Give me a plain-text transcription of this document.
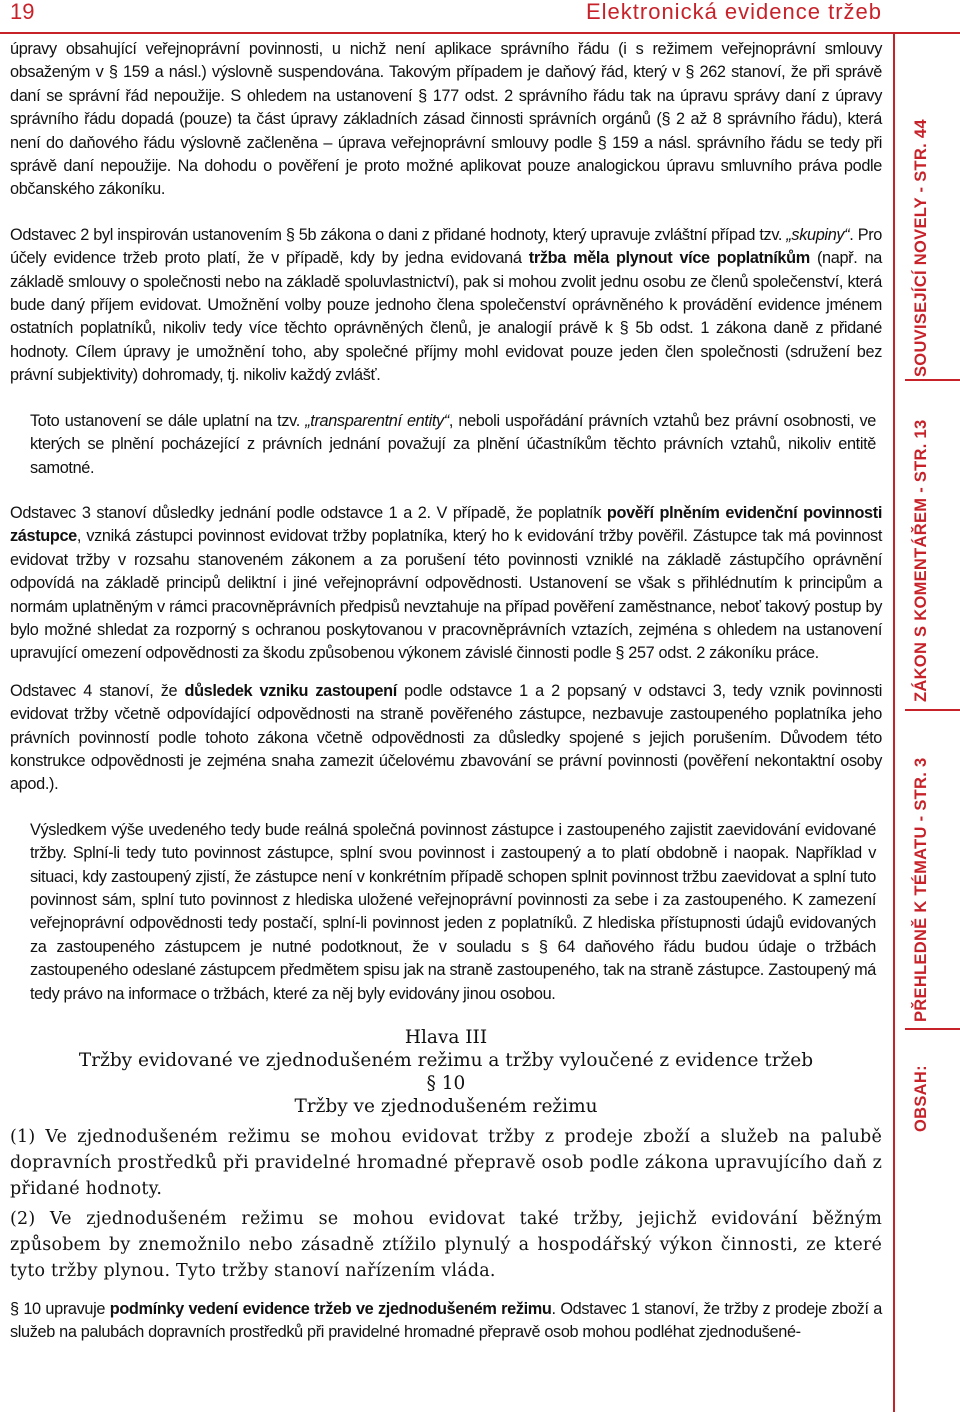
19	Elektronická evidence tržeb
SOUVISEJÍCÍ NOVELY - STR. 44
ZÁKON S KOMENTÁŘEM - STR. 13
PŘEHLEDNĚ K TÉMATU - STR. 3
OBSAH:

úpravy obsahující veřejnoprávní povinnosti, u nichž není aplikace správního řádu (i s režimem veřejnoprávní smlouvy obsaženým v § 159 a násl.) výslovně suspendována. Takovým případem je daňový řád, který v § 262 stanoví, že při správě daní se správní řád nepoužije. S ohledem na ustanovení § 177 odst. 2 správního řádu tak na úpravu správy daní z úpravy správního řádu dopadá (pouze) ta část úpravy základních zásad činnosti správních orgánů (§ 2 až 8 správního řádu), která není do daňového řádu výslovně začleněna – úprava veřejnoprávní smlouvy podle § 159 a násl. správního řádu se tedy při správě daní nepoužije. Na dohodu o pověření je proto možné aplikovat pouze analogickou úpravu smluvního práva podle občanského zákoníku.

Odstavec 2 byl inspirován ustanovením § 5b zákona o dani z přidané hodnoty, který upravuje zvláštní případ tzv. „skupiny“. Pro účely evidence tržeb proto platí, že v případě, kdy by jedna evidovaná tržba měla plynout více poplatníkům (např. na základě smlouvy o společnosti nebo na základě spoluvlastnictví), pak si mohou zvolit jednu osobu ze členů společenství, která bude daný příjem evidovat. Umožnění volby pouze jednoho člena společenství oprávněného k provádění evidence jménem ostatních poplatníků, nikoliv tedy více těchto oprávněných členů, je analogií právě k § 5b odst. 1 zákona daně z přidané hodnoty. Cílem úpravy je umožnění toho, aby společné příjmy mohl evidovat pouze jeden člen společnosti (sdružení bez právní subjektivity) dohromady, tj. nikoliv každý zvlášť.

Toto ustanovení se dále uplatní na tzv. „transparentní entity“, neboli uspořádání právních vztahů bez právní osobnosti, ve kterých se plnění pocházející z právních jednání považují za plnění účastníkům těchto právních vztahů, nikoliv entitě samotné.

Odstavec 3 stanoví důsledky jednání podle odstavce 1 a 2. V případě, že poplatník pověří plněním evidenční povinnosti zástupce, vzniká zástupci povinnost evidovat tržby poplatníka, který ho k evidování tržby pověřil. Zástupce tak má povinnost evidovat tržby v rozsahu stanoveném zákonem a za porušení této povinnosti vzniklé na základě zástupčího oprávnění odpovídá na základě principů deliktní i jiné veřejnoprávní odpovědnosti. Ustanovení se však s přihlédnutím k principům a normám uplatněným v rámci pracovněprávních předpisů nevztahuje na případ pověření zaměstnance, neboť takový postup by bylo možné shledat za rozporný s ochranou poskytovanou v pracovněprávních vztazích, zejména s ohledem na ustanovení upravující omezení odpovědnosti za škodu způsobenou výkonem závislé činnosti podle § 257 odst. 2 zákoníku práce.

Odstavec 4 stanoví, že důsledek vzniku zastoupení podle odstavce 1 a 2 popsaný v odstavci 3, tedy vznik povinnosti evidovat tržby včetně odpovídající odpovědnosti na straně pověřeného zástupce, nezbavuje zastoupeného poplatníka jeho právních povinností podle tohoto zákona včetně odpovědnosti za důsledky spojené s jejich porušením. Důvodem této konstrukce odpovědnosti je zejména snaha zamezit účelovému zbavování se právní povinnosti (pověření nekontaktní osoby apod.).

Výsledkem výše uvedeného tedy bude reálná společná povinnost zástupce i zastoupeného zajistit zaevidování evidované tržby. Splní-li tedy tuto povinnost zástupce, splní svou povinnost i zastoupený a to platí obdobně i naopak. Například v situaci, kdy zastoupený zjistí, že zástupce není v konkrétním případě schopen splnit povinnost tržbu zaevidovat a splní tuto povinnost sám, splní tuto povinnost z hlediska uložené veřejnoprávní povinnosti za sebe i za zastoupeného. K zamezení veřejnoprávní odpovědnosti tedy postačí, splní-li povinnost jeden z poplatníků. Z hlediska přístupnosti údajů evidovaných za zastoupeného zástupcem je nutné podotknout, že v souladu s § 64 daňového řádu budou údaje o tržbách zastoupeného odeslané zástupcem předmětem spisu jak na straně zastoupeného, tak na straně zástupce. Zastoupený má tedy právo na informace o tržbách, které za něj byly evidovány jinou osobou.

Hlava III

Tržby evidované ve zjednodušeném režimu a tržby vyloučené z evidence tržeb

§ 10

Tržby ve zjednodušeném režimu

(1) Ve zjednodušeném režimu se mohou evidovat tržby z prodeje zboží a služeb na palubě dopravních prostředků při pravidelné hromadné přepravě osob podle zákona upravujícího daň z přidané hodnoty.

(2) Ve zjednodušeném režimu se mohou evidovat také tržby, jejichž evidování běžným způsobem by znemožnilo nebo zásadně ztížilo plynulý a hospodářský výkon činnosti, ze které tyto tržby plynou. Tyto tržby stanoví nařízením vláda.

§ 10 upravuje podmínky vedení evidence tržeb ve zjednodušeném režimu. Odstavec 1 stanoví, že tržby z prodeje zboží a služeb na palubách dopravních prostředků při pravidelné hromadné přepravě osob mohou podléhat zjednodušené-
